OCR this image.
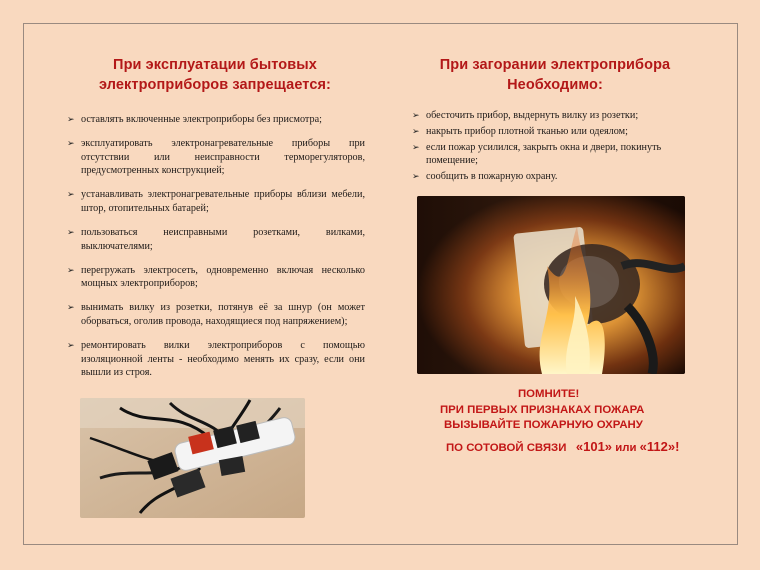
При эксплуатации бытовых
электроприборов запрещается:
➢ оставлять включенные электроприборы без присмотра;
➢ эксплуатировать электронагревательные приборы при отсутствии или неисправности терморегуляторов, предусмотренных конструкцией;
➢ устанавливать электронагревательные приборы вблизи мебели, штор, отопительных батарей;
➢ пользоваться неисправными розетками, вилками, выключателями;
➢ перегружать электросеть, одновременно включая несколько мощных электроприборов;
➢ вынимать вилку из розетки, потянув её за шнур (он может оборваться, оголив провода, находящиеся под напряжением);
➢ ремонтировать вилки электроприборов с помощью изоляционной ленты - необходимо менять их сразу, если они вышли из строя.
При загорании электроприбора
Необходимо:
➢ обесточить прибор, выдернуть вилку из розетки;
➢ накрыть прибор плотной тканью или одеялом;
➢ если пожар усилился, закрыть окна и двери, покинуть помещение;
➢ сообщить в пожарную охрану.
ПОМНИТЕ!
ПРИ ПЕРВЫХ ПРИЗНАКАХ ПОЖАРА
ВЫЗЫВАЙТЕ ПОЖАРНУЮ ОХРАНУ
ПО СОТОВОЙ СВЯЗИ «101» или «112»!
